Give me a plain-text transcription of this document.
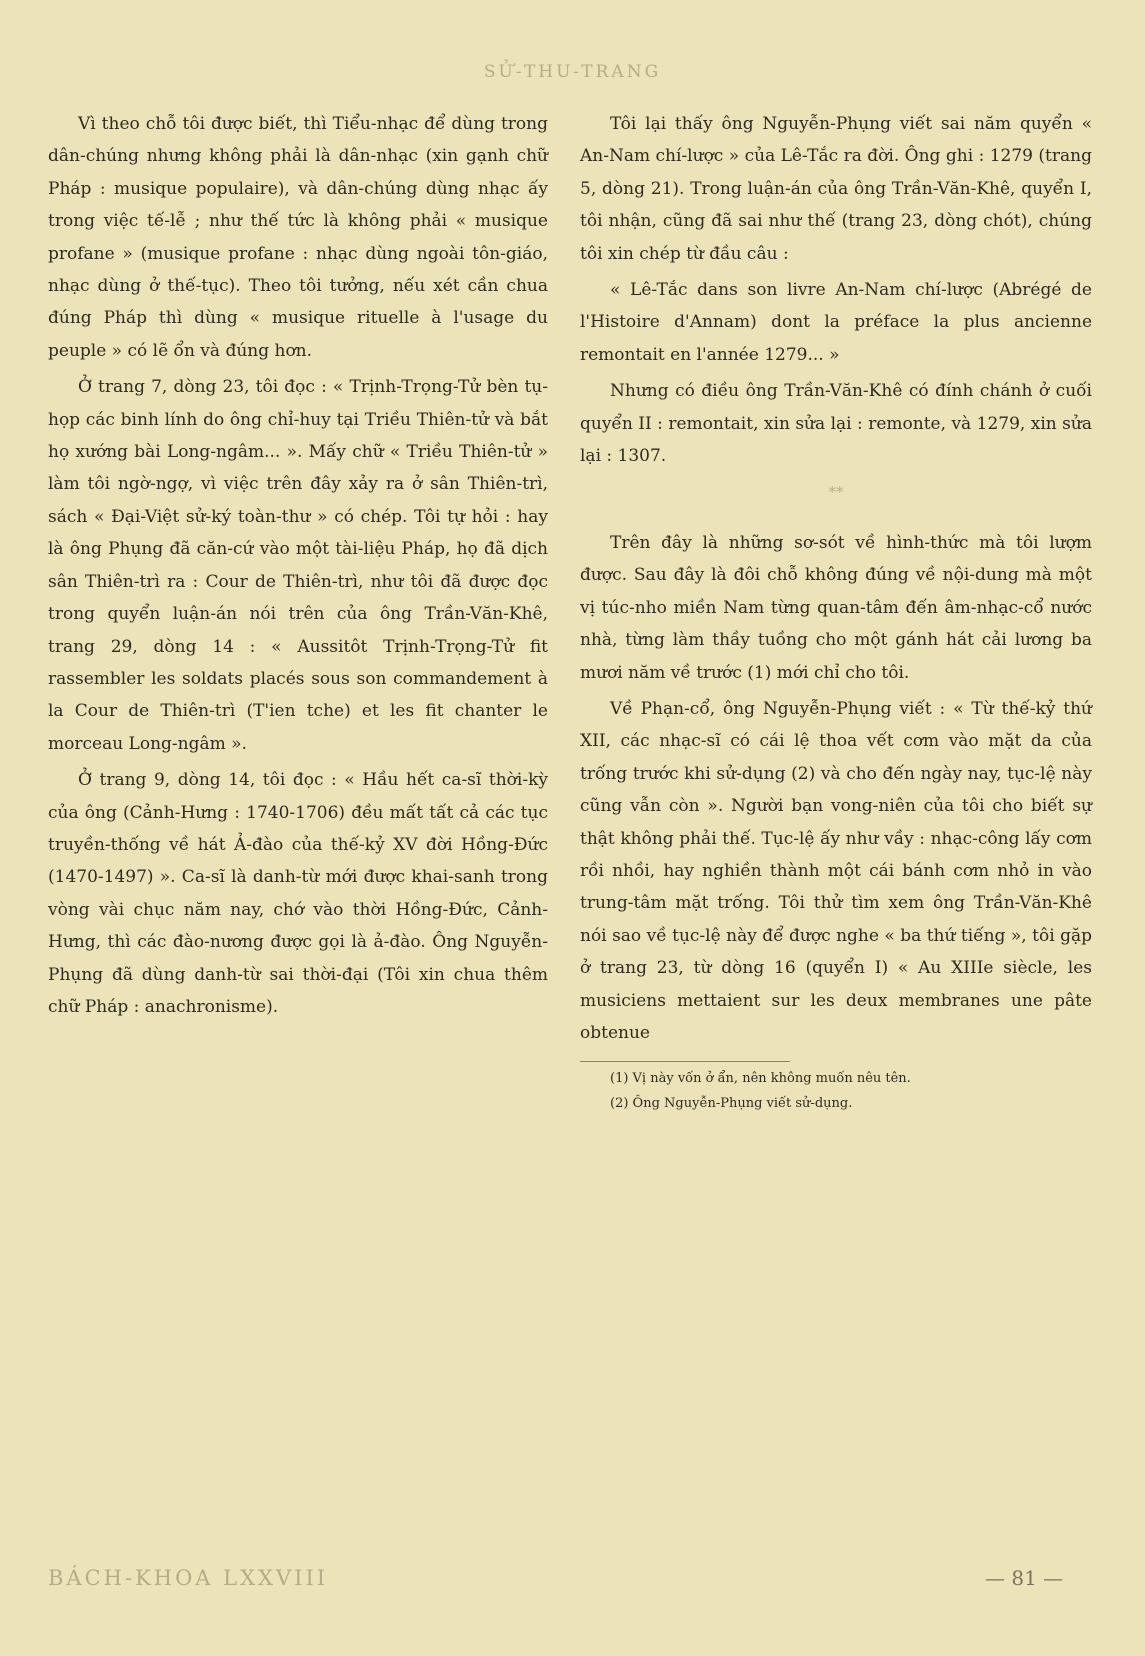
SỬ-THU-TRANG

Vì theo chỗ tôi được biết, thì Tiểu-nhạc để dùng trong dân-chúng nhưng không phải là dân-nhạc (xin gạnh chữ Pháp : musique populaire), và dân-chúng dùng nhạc ấy trong việc tế-lễ ; như thế tức là không phải « musique profane » (musique profane : nhạc dùng ngoài tôn-giáo, nhạc dùng ở thế-tục). Theo tôi tưởng, nếu xét cần chua đúng Pháp thì dùng « musique rituelle à l'usage du peuple » có lẽ ổn và đúng hơn.

Ở trang 7, dòng 23, tôi đọc : « Trịnh-Trọng-Tử bèn tụ-họp các binh lính do ông chỉ-huy tại Triều Thiên-tử và bắt họ xướng bài Long-ngâm... ». Mấy chữ « Triều Thiên-tử » làm tôi ngờ-ngợ, vì việc trên đây xảy ra ở sân Thiên-trì, sách « Đại-Việt sử-ký toàn-thư » có chép. Tôi tự hỏi : hay là ông Phụng đã căn-cứ vào một tài-liệu Pháp, họ đã dịch sân Thiên-trì ra : Cour de Thiên-trì, như tôi đã được đọc trong quyển luận-án nói trên của ông Trần-Văn-Khê, trang 29, dòng 14 : « Aussitôt Trịnh-Trọng-Tử fit rassembler les soldats placés sous son commandement à la Cour de Thiên-trì (T'ien tche) et les fit chanter le morceau Long-ngâm ».

Ở trang 9, dòng 14, tôi đọc : « Hầu hết ca-sĩ thời-kỳ của ông (Cảnh-Hưng : 1740-1706) đều mất tất cả các tục truyền-thống về hát Ả-đào của thế-kỷ XV đời Hồng-Đức (1470-1497) ». Ca-sĩ là danh-từ mới được khai-sanh trong vòng vài chục năm nay, chớ vào thời Hồng-Đức, Cảnh-Hưng, thì các đào-nương được gọi là ả-đào. Ông Nguyễn-Phụng đã dùng danh-từ sai thời-đại (Tôi xin chua thêm chữ Pháp : anachronisme).

Tôi lại thấy ông Nguyễn-Phụng viết sai năm quyển « An-Nam chí-lược » của Lê-Tắc ra đời. Ông ghi : 1279 (trang 5, dòng 21). Trong luận-án của ông Trần-Văn-Khê, quyển I, tôi nhận, cũng đã sai như thế (trang 23, dòng chót), chúng tôi xin chép từ đầu câu :

« Lê-Tắc dans son livre An-Nam chí-lược (Abrégé de l'Histoire d'Annam) dont la préface la plus ancienne remontait en l'année 1279... »

Nhưng có điều ông Trần-Văn-Khê có đính chánh ở cuối quyển II : remontait, xin sửa lại : remonte, và 1279, xin sửa lại : 1307.

**

Trên đây là những sơ-sót về hình-thức mà tôi lượm được. Sau đây là đôi chỗ không đúng về nội-dung mà một vị túc-nho miền Nam từng quan-tâm đến âm-nhạc-cổ nước nhà, từng làm thầy tuồng cho một gánh hát cải lương ba mươi năm về trước (1) mới chỉ cho tôi.

Về Phạn-cổ, ông Nguyễn-Phụng viết : « Từ thế-kỷ thứ XII, các nhạc-sĩ có cái lệ thoa vết cơm vào mặt da của trống trước khi sử-dụng (2) và cho đến ngày nay, tục-lệ này cũng vẫn còn ». Người bạn vong-niên của tôi cho biết sự thật không phải thế. Tục-lệ ấy như vầy : nhạc-công lấy cơm rồi nhồi, hay nghiền thành một cái bánh cơm nhỏ in vào trung-tâm mặt trống. Tôi thử tìm xem ông Trần-Văn-Khê nói sao về tục-lệ này để được nghe « ba thứ tiếng », tôi gặp ở trang 23, từ dòng 16 (quyển I) « Au XIIIe siècle, les musiciens mettaient sur les deux membranes une pâte obtenue

(1) Vị này vốn ở ẩn, nên không muốn nêu tên.

(2) Ông Nguyễn-Phụng viết sử-dụng.

BÁCH-KHOA LXXVIII	— 81 —
